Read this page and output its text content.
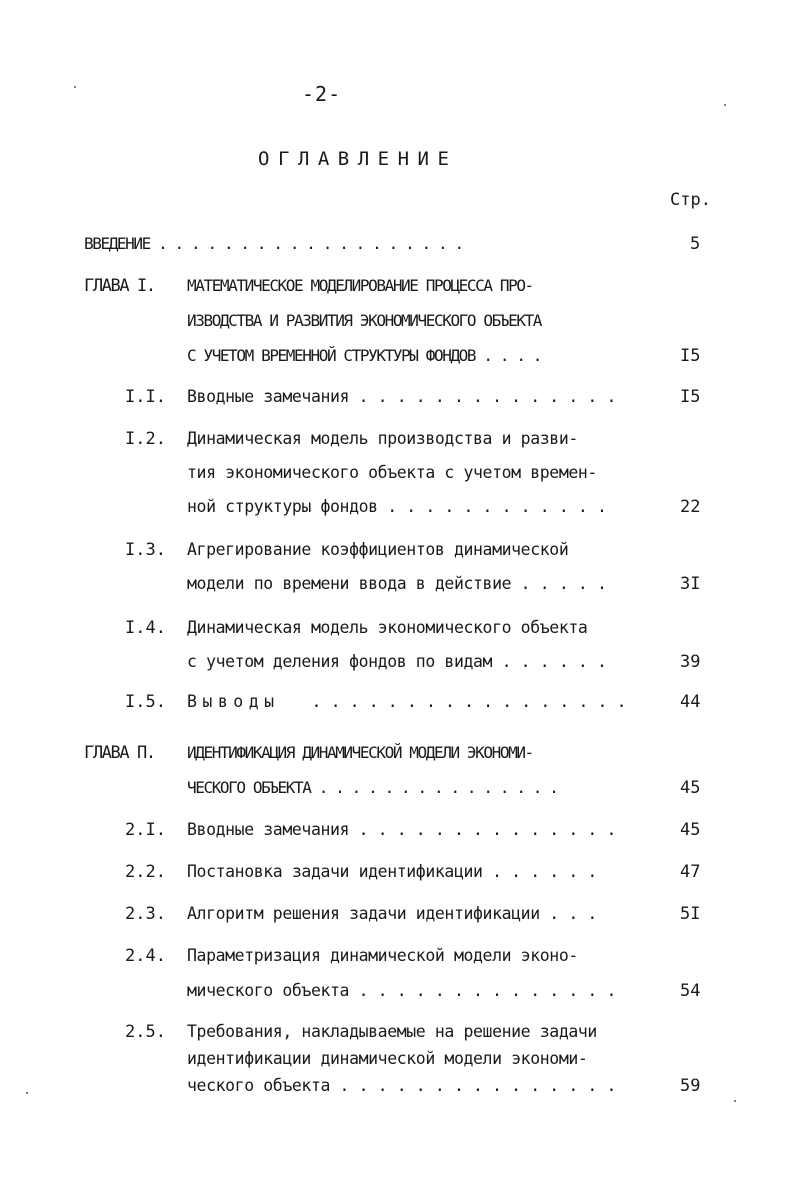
-2-
ОГЛАВЛЕНИЕ
Стр.
ВВЕДЕНИЕ . . . . . . . . . . . . . . . . . . .	5
ГЛАВА I. МАТЕМАТИЧЕСКОЕ МОДЕЛИРОВАНИЕ ПРОЦЕССА ПРО-
ИЗВОДСТВА И РАЗВИТИЯ ЭКОНОМИЧЕСКОГО ОБЪЕКТА
С УЧЕТОМ ВРЕМЕННОЙ СТРУКТУРЫ ФОНДОВ . . . .	I5
I.I. Вводные замечания . . . . . . . . . . . . . .	I5
I.2. Динамическая модель производства и разви-
тия экономического объекта с учетом времен-
ной структуры фондов . . . . . . . . . . . .	22
I.3. Агрегирование коэффициентов динамической
модели по времени ввода в действие . . . . .	3I
I.4. Динамическая модель экономического объекта
с учетом деления фондов по видам . . . . . .	39
I.5. Выводы . . . . . . . . . . . . . . . . .	44
ГЛАВА П. ИДЕНТИФИКАЦИЯ ДИНАМИЧЕСКОЙ МОДЕЛИ ЭКОНОМИ-
ЧЕСКОГО ОБЪЕКТА . . . . . . . . . . . . . . .	45
2.I. Вводные замечания . . . . . . . . . . . . . .	45
2.2. Постановка задачи идентификации . . . . . .	47
2.3. Алгоритм решения задачи идентификации . . .	5I
2.4. Параметризация динамической модели эконо-
мического объекта . . . . . . . . . . . . . .	54
2.5. Требования, накладываемые на решение задачи
идентификации динамической модели экономи-
ческого объекта . . . . . . . . . . . . . . .	59
